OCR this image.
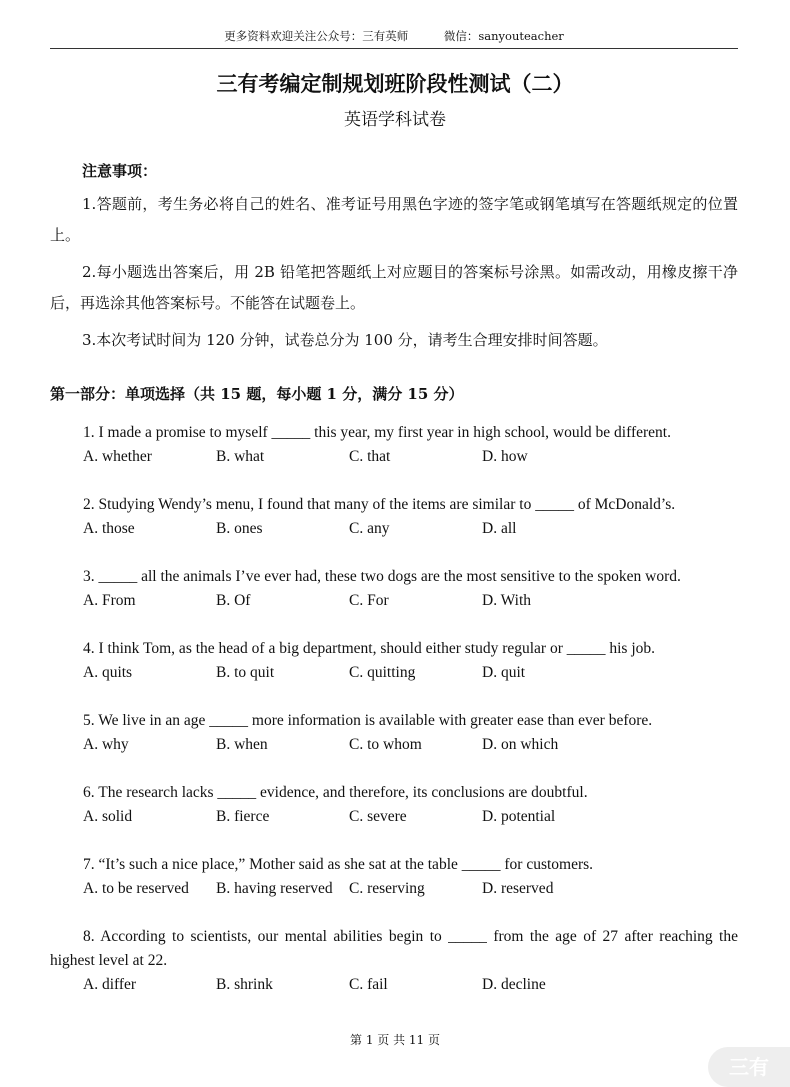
更多资料欢迎关注公众号：三有英师	微信：sanyouteacher
三有考编定制规划班阶段性测试（二）
英语学科试卷
注意事项：

1.答题前，考生务必将自己的姓名、准考证号用黑色字迹的签字笔或钢笔填写在答题纸规定的位置上。

2.每小题选出答案后，用 2B 铅笔把答题纸上对应题目的答案标号涂黑。如需改动，用橡皮擦干净后，再选涂其他答案标号。不能答在试题卷上。

3.本次考试时间为 120 分钟，试卷总分为 100 分，请考生合理安排时间答题。

第一部分：单项选择（共 15 题，每小题 1 分，满分 15 分）
1. I made a promise to myself _____ this year, my first year in high school, would be different.
A. whether	B. what	C. that	D. how
2. Studying Wendy’s menu, I found that many of the items are similar to _____ of McDonald’s.
A. those	B. ones	C. any	D. all
3. _____ all the animals I’ve ever had, these two dogs are the most sensitive to the spoken word.
A. From	B. Of	C. For	D. With
4. I think Tom, as the head of a big department, should either study regular or _____ his job.
A. quits	B. to quit	C. quitting	D. quit
5. We live in an age _____ more information is available with greater ease than ever before.
A. why	B. when	C. to whom	D. on which
6. The research lacks _____ evidence, and therefore, its conclusions are doubtful.
A. solid	B. fierce	C. severe	D. potential
7. “It’s such a nice place,” Mother said as she sat at the table _____ for customers.
A. to be reserved	B. having reserved	C. reserving	D. reserved
8. According to scientists, our mental abilities begin to _____ from the age of 27 after reaching the highest level at 22.
A. differ	B. shrink	C. fail	D. decline
第 1 页 共 11 页
三有
